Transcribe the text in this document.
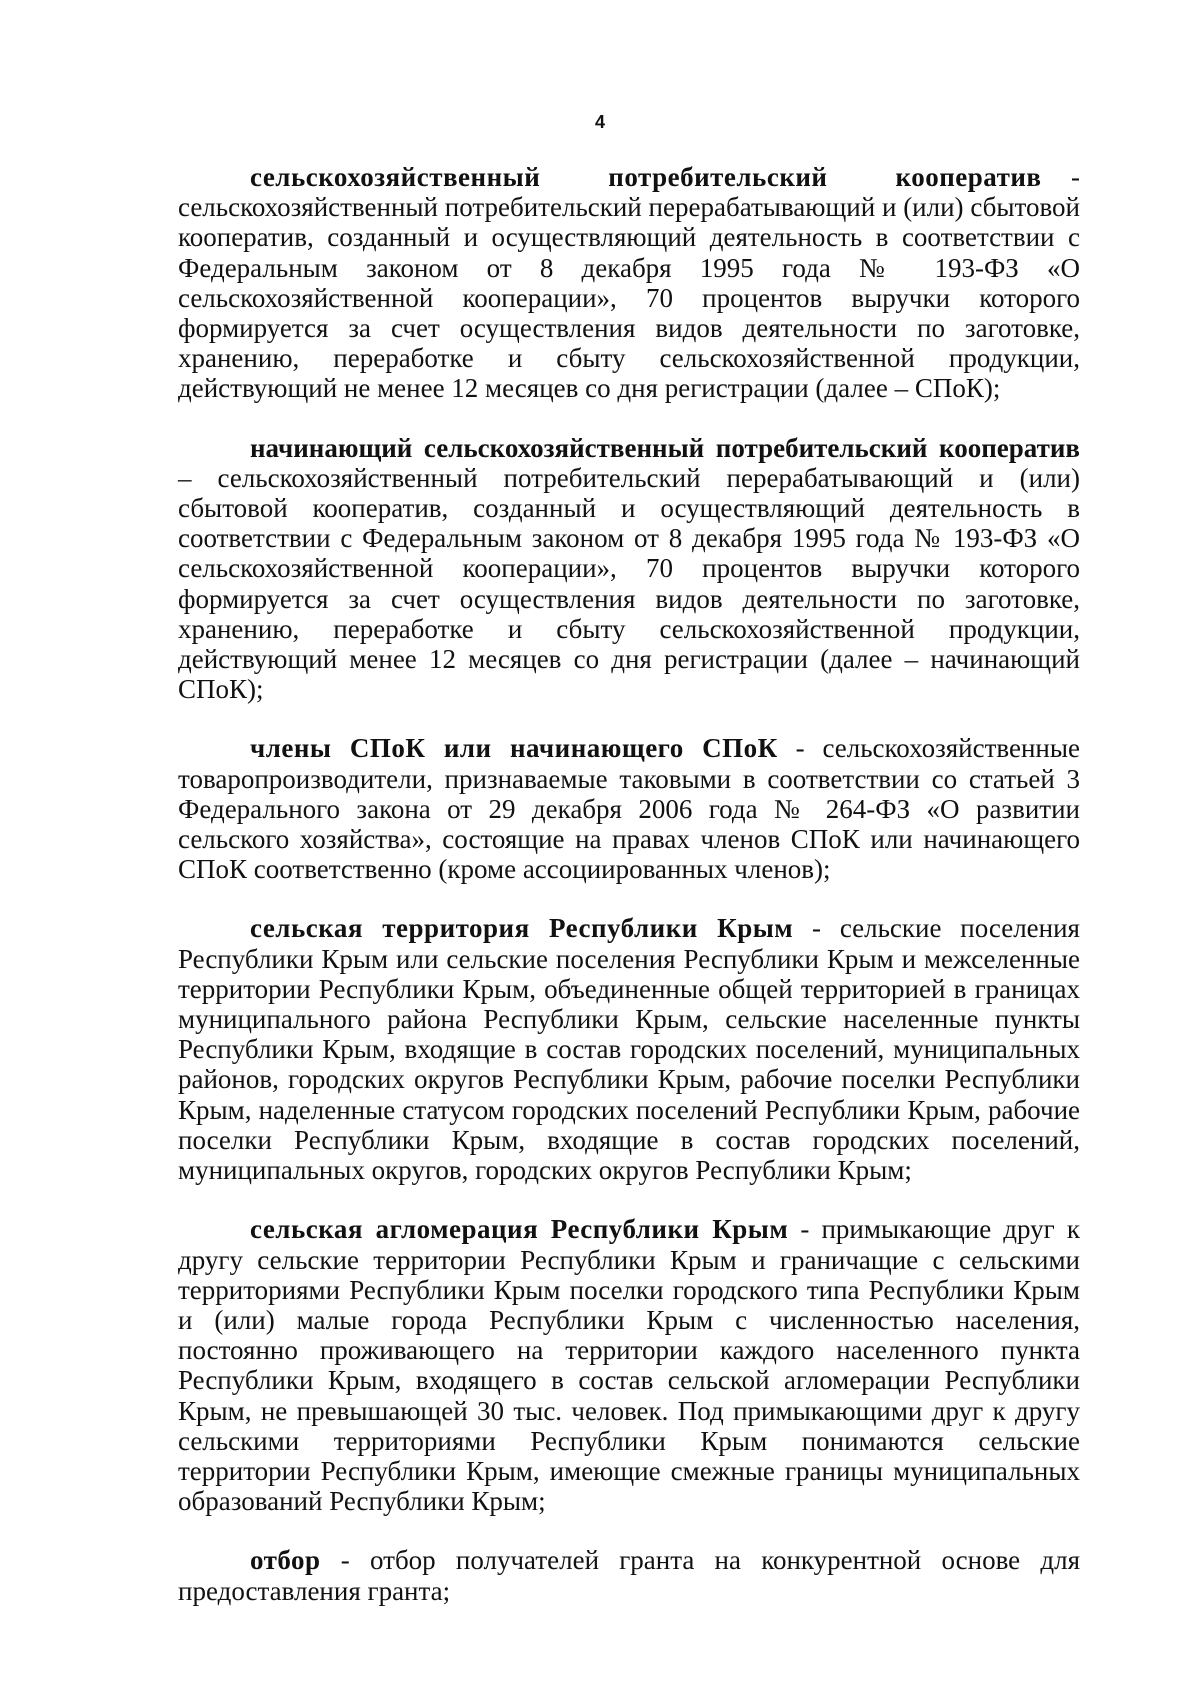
4

сельскохозяйственный потребительский кооператив - сельскохозяйственный потребительский перерабатывающий и (или) сбытовой кооператив, созданный и осуществляющий деятельность в соответствии с Федеральным законом от 8 декабря 1995 года № 193-ФЗ «О сельскохозяйственной кооперации», 70 процентов выручки которого формируется за счет осуществления видов деятельности по заготовке, хранению, переработке и сбыту сельскохозяйственной продукции, действующий не менее 12 месяцев со дня регистрации (далее – СПоК);

начинающий сельскохозяйственный потребительский кооператив – сельскохозяйственный потребительский перерабатывающий и (или) сбытовой кооператив, созданный и осуществляющий деятельность в соответствии с Федеральным законом от 8 декабря 1995 года № 193-ФЗ «О сельскохозяйственной кооперации», 70 процентов выручки которого формируется за счет осуществления видов деятельности по заготовке, хранению, переработке и сбыту сельскохозяйственной продукции, действующий менее 12 месяцев со дня регистрации (далее – начинающий СПоК);

члены СПоК или начинающего СПоК - сельскохозяйственные товаропроизводители, признаваемые таковыми в соответствии со статьей 3 Федерального закона от 29 декабря 2006 года № 264-ФЗ «О развитии сельского хозяйства», состоящие на правах членов СПоК или начинающего СПоК соответственно (кроме ассоциированных членов);

сельская территория Республики Крым - сельские поселения Республики Крым или сельские поселения Республики Крым и межселенные территории Республики Крым, объединенные общей территорией в границах муниципального района Республики Крым, сельские населенные пункты Республики Крым, входящие в состав городских поселений, муниципальных районов, городских округов Республики Крым, рабочие поселки Республики Крым, наделенные статусом городских поселений Республики Крым, рабочие поселки Республики Крым, входящие в состав городских поселений, муниципальных округов, городских округов Республики Крым;

сельская агломерация Республики Крым - примыкающие друг к другу сельские территории Республики Крым и граничащие с сельскими территориями Республики Крым поселки городского типа Республики Крым и (или) малые города Республики Крым с численностью населения, постоянно проживающего на территории каждого населенного пункта Республики Крым, входящего в состав сельской агломерации Республики Крым, не превышающей 30 тыс. человек. Под примыкающими друг к другу сельскими территориями Республики Крым понимаются сельские территории Республики Крым, имеющие смежные границы муниципальных образований Республики Крым;

отбор - отбор получателей гранта на конкурентной основе для предоставления гранта;
